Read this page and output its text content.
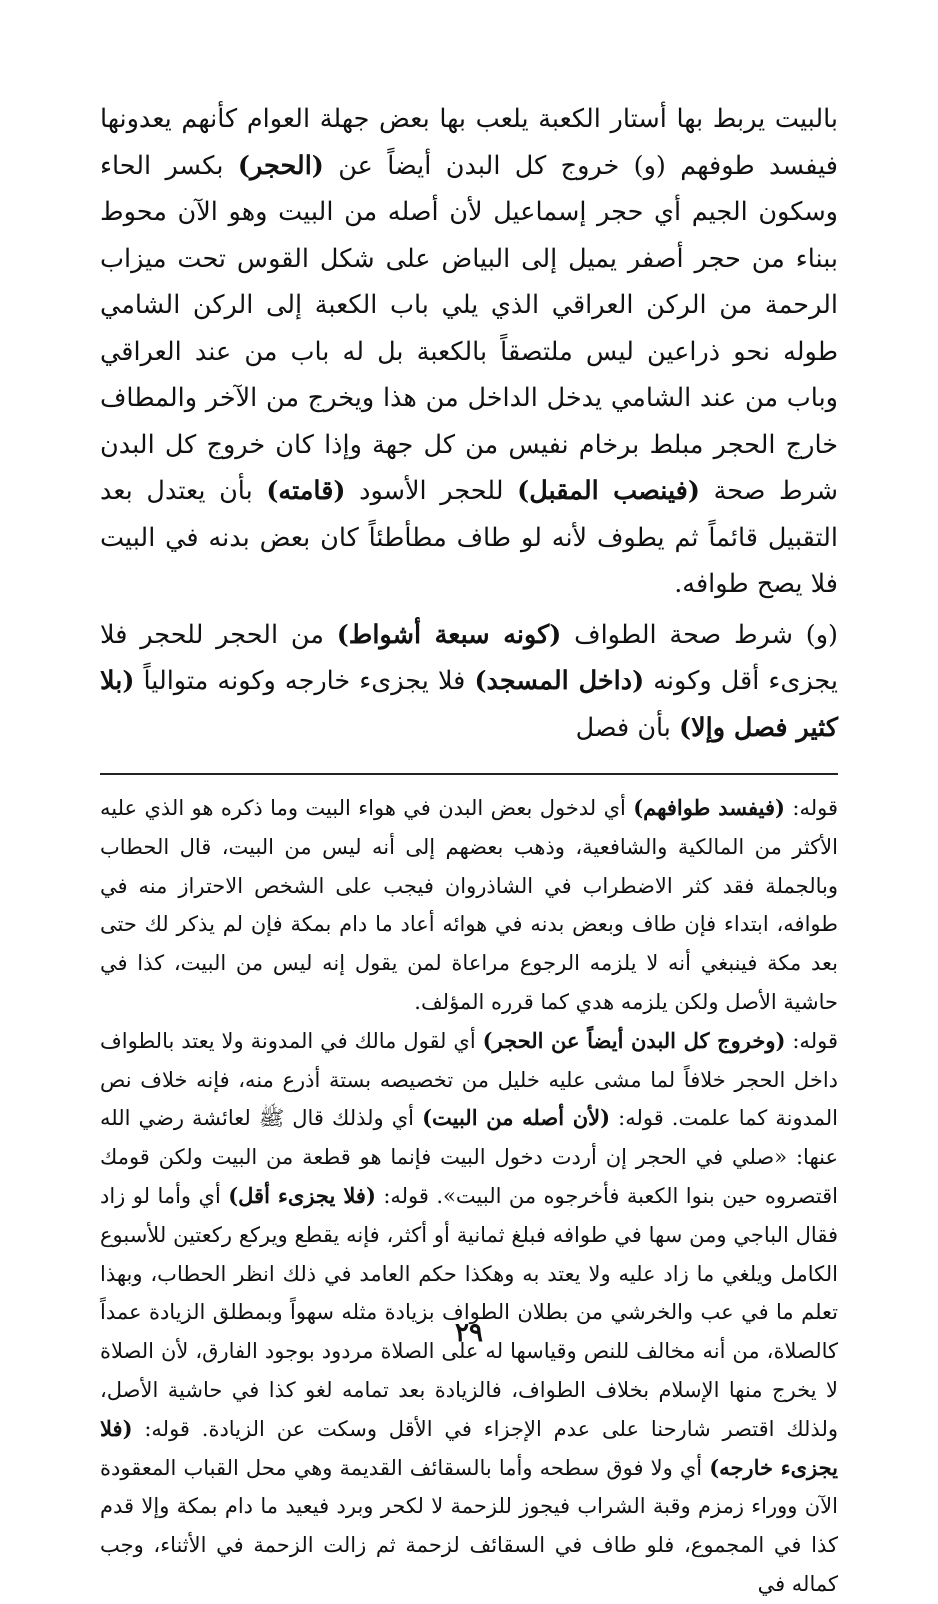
بالبيت يربط بها أستار الكعبة يلعب بها بعض جهلة العوام كأنهم يعدونها فيفسد طوفهم (و) خروج كل البدن أيضاً عن (الحجر) بكسر الحاء وسكون الجيم أي حجر إسماعيل لأن أصله من البيت وهو الآن محوط ببناء من حجر أصفر يميل إلى البياض على شكل القوس تحت ميزاب الرحمة من الركن العراقي الذي يلي باب الكعبة إلى الركن الشامي طوله نحو ذراعين ليس ملتصقاً بالكعبة بل له باب من عند العراقي وباب من عند الشامي يدخل الداخل من هذا ويخرج من الآخر والمطاف خارج الحجر مبلط برخام نفيس من كل جهة وإذا كان خروج كل البدن شرط صحة (فينصب المقبل) للحجر الأسود (قامته) بأن يعتدل بعد التقبيل قائماً ثم يطوف لأنه لو طاف مطأطئاً كان بعض بدنه في البيت فلا يصح طوافه.

(و) شرط صحة الطواف (كونه سبعة أشواط) من الحجر للحجر فلا يجزىء أقل وكونه (داخل المسجد) فلا يجزىء خارجه وكونه متوالياً (بلا كثير فصل وإلا) بأن فصل

قوله: (فيفسد طوافهم) أي لدخول بعض البدن في هواء البيت وما ذكره هو الذي عليه الأكثر من المالكية والشافعية، وذهب بعضهم إلى أنه ليس من البيت، قال الحطاب وبالجملة فقد كثر الاضطراب في الشاذروان فيجب على الشخص الاحتراز منه في طوافه، ابتداء فإن طاف وبعض بدنه في هوائه أعاد ما دام بمكة فإن لم يذكر لك حتى بعد مكة فينبغي أنه لا يلزمه الرجوع مراعاة لمن يقول إنه ليس من البيت، كذا في حاشية الأصل ولكن يلزمه هدي كما قرره المؤلف.

قوله: (وخروج كل البدن أيضاً عن الحجر) أي لقول مالك في المدونة ولا يعتد بالطواف داخل الحجر خلافاً لما مشى عليه خليل من تخصيصه بستة أذرع منه، فإنه خلاف نص المدونة كما علمت. قوله: (لأن أصله من البيت) أي ولذلك قال ﷺ لعائشة رضي الله عنها: «صلي في الحجر إن أردت دخول البيت فإنما هو قطعة من البيت ولكن قومك اقتصروه حين بنوا الكعبة فأخرجوه من البيت». قوله: (فلا يجزىء أقل) أي وأما لو زاد فقال الباجي ومن سها في طوافه فبلغ ثمانية أو أكثر، فإنه يقطع ويركع ركعتين للأسبوع الكامل ويلغي ما زاد عليه ولا يعتد به وهكذا حكم العامد في ذلك انظر الحطاب، وبهذا تعلم ما في عب والخرشي من بطلان الطواف بزيادة مثله سهواً وبمطلق الزيادة عمداً كالصلاة، من أنه مخالف للنص وقياسها له على الصلاة مردود بوجود الفارق، لأن الصلاة لا يخرج منها الإسلام بخلاف الطواف، فالزيادة بعد تمامه لغو كذا في حاشية الأصل، ولذلك اقتصر شارحنا على عدم الإجزاء في الأقل وسكت عن الزيادة. قوله: (فلا يجزىء خارجه) أي ولا فوق سطحه وأما بالسقائف القديمة وهي محل القباب المعقودة الآن ووراء زمزم وقبة الشراب فيجوز للزحمة لا لكحر وبرد فيعيد ما دام بمكة وإلا قدم كذا في المجموع، فلو طاف في السقائف لزحمة ثم زالت الزحمة في الأثناء، وجب كماله في

٢٩
